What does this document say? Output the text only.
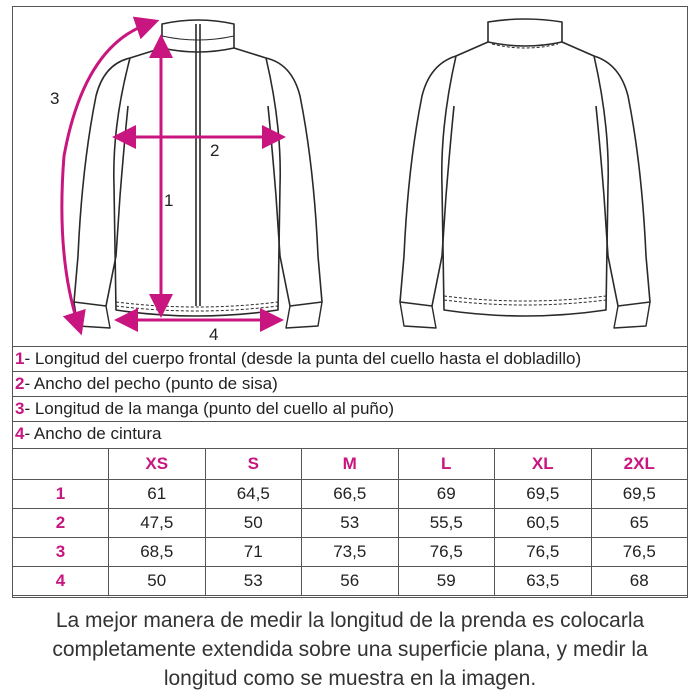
1
2
3
4
1- Longitud del cuerpo frontal (desde la punta del cuello hasta el dobladillo)
2- Ancho del pecho (punto de sisa)
3- Longitud de la manga (punto del cuello al puño)
4- Ancho de cintura
	XS	S	M	L	XL	2XL
1	61	64,5	66,5	69	69,5	69,5
2	47,5	50	53	55,5	60,5	65
3	68,5	71	73,5	76,5	76,5	76,5
4	50	53	56	59	63,5	68
La mejor manera de medir la longitud de la prenda es colocarla
completamente extendida sobre una superficie plana, y medir la
longitud como se muestra en la imagen.
